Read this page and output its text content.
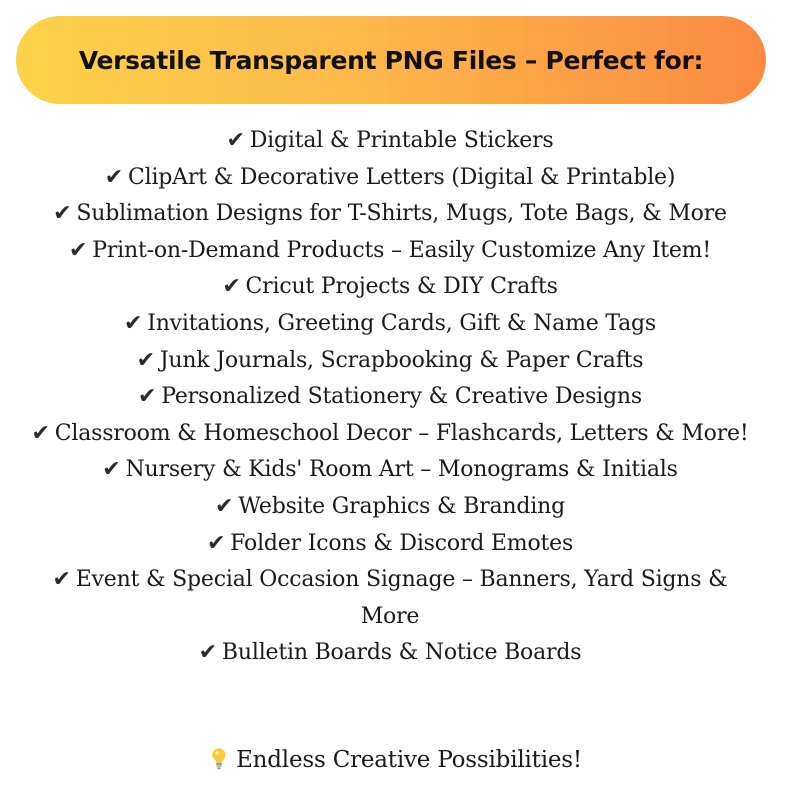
Versatile Transparent PNG Files – Perfect for:
✔ Digital & Printable Stickers
✔ ClipArt & Decorative Letters (Digital & Printable)
✔ Sublimation Designs for T-Shirts, Mugs, Tote Bags, & More
✔ Print-on-Demand Products – Easily Customize Any Item!
✔ Cricut Projects & DIY Crafts
✔ Invitations, Greeting Cards, Gift & Name Tags
✔ Junk Journals, Scrapbooking & Paper Crafts
✔ Personalized Stationery & Creative Designs
✔ Classroom & Homeschool Decor – Flashcards, Letters & More!
✔ Nursery & Kids' Room Art – Monograms & Initials
✔ Website Graphics & Branding
✔ Folder Icons & Discord Emotes
✔ Event & Special Occasion Signage – Banners, Yard Signs & More
✔ Bulletin Boards & Notice Boards
Endless Creative Possibilities!
